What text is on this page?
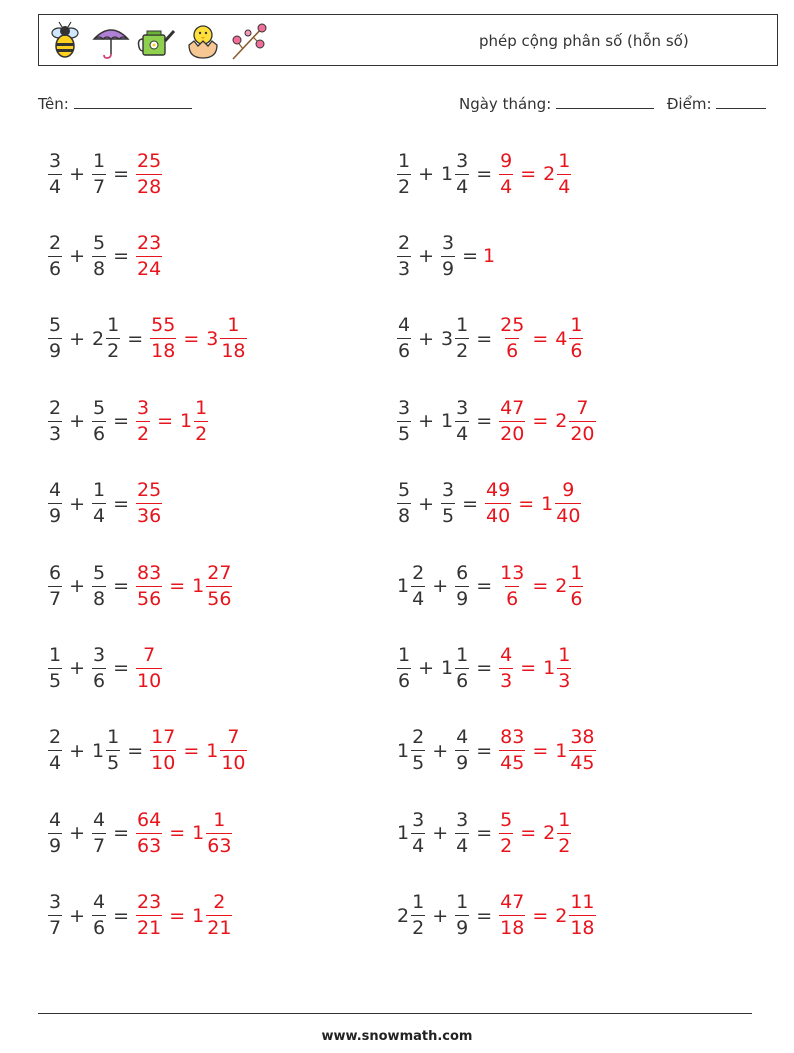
phép cộng phân số (hỗn số)
Tên:	Ngày tháng:	Điểm:
$\frac{3}{4} + \frac{1}{7} = \frac{25}{28}$
$\frac{2}{6} + \frac{5}{8} = \frac{23}{24}$
$\frac{5}{9} + 2 \frac{1}{2} = \frac{55}{18} = 3 \frac{1}{18}$
$\frac{2}{3} + \frac{5}{6} = \frac{3}{2} = 1 \frac{1}{2}$
$\frac{4}{9} + \frac{1}{4} = \frac{25}{36}$
$\frac{6}{7} + \frac{5}{8} = \frac{83}{56} = 1 \frac{27}{56}$
$\frac{1}{5} + \frac{3}{6} = \frac{7}{10}$
$\frac{2}{4} + 1 \frac{1}{5} = \frac{17}{10} = 1 \frac{7}{10}$
$\frac{4}{9} + \frac{4}{7} = \frac{64}{63} = 1 \frac{1}{63}$
$\frac{3}{7} + \frac{4}{6} = \frac{23}{21} = 1 \frac{2}{21}$
$\frac{1}{2} + 1 \frac{3}{4} = \frac{9}{4} = 2 \frac{1}{4}$
$\frac{2}{3} + \frac{3}{9} = 1$
$\frac{4}{6} + 3 \frac{1}{2} = \frac{25}{6} = 4 \frac{1}{6}$
$\frac{3}{5} + 1 \frac{3}{4} = \frac{47}{20} = 2 \frac{7}{20}$
$\frac{5}{8} + \frac{3}{5} = \frac{49}{40} = 1 \frac{9}{40}$
$1 \frac{2}{4} + \frac{6}{9} = \frac{13}{6} = 2 \frac{1}{6}$
$\frac{1}{6} + 1 \frac{1}{6} = \frac{4}{3} = 1 \frac{1}{3}$
$1 \frac{2}{5} + \frac{4}{9} = \frac{83}{45} = 1 \frac{38}{45}$
$1 \frac{3}{4} + \frac{3}{4} = \frac{5}{2} = 2 \frac{1}{2}$
$2 \frac{1}{2} + \frac{1}{9} = \frac{47}{18} = 2 \frac{11}{18}$
www.snowmath.com
